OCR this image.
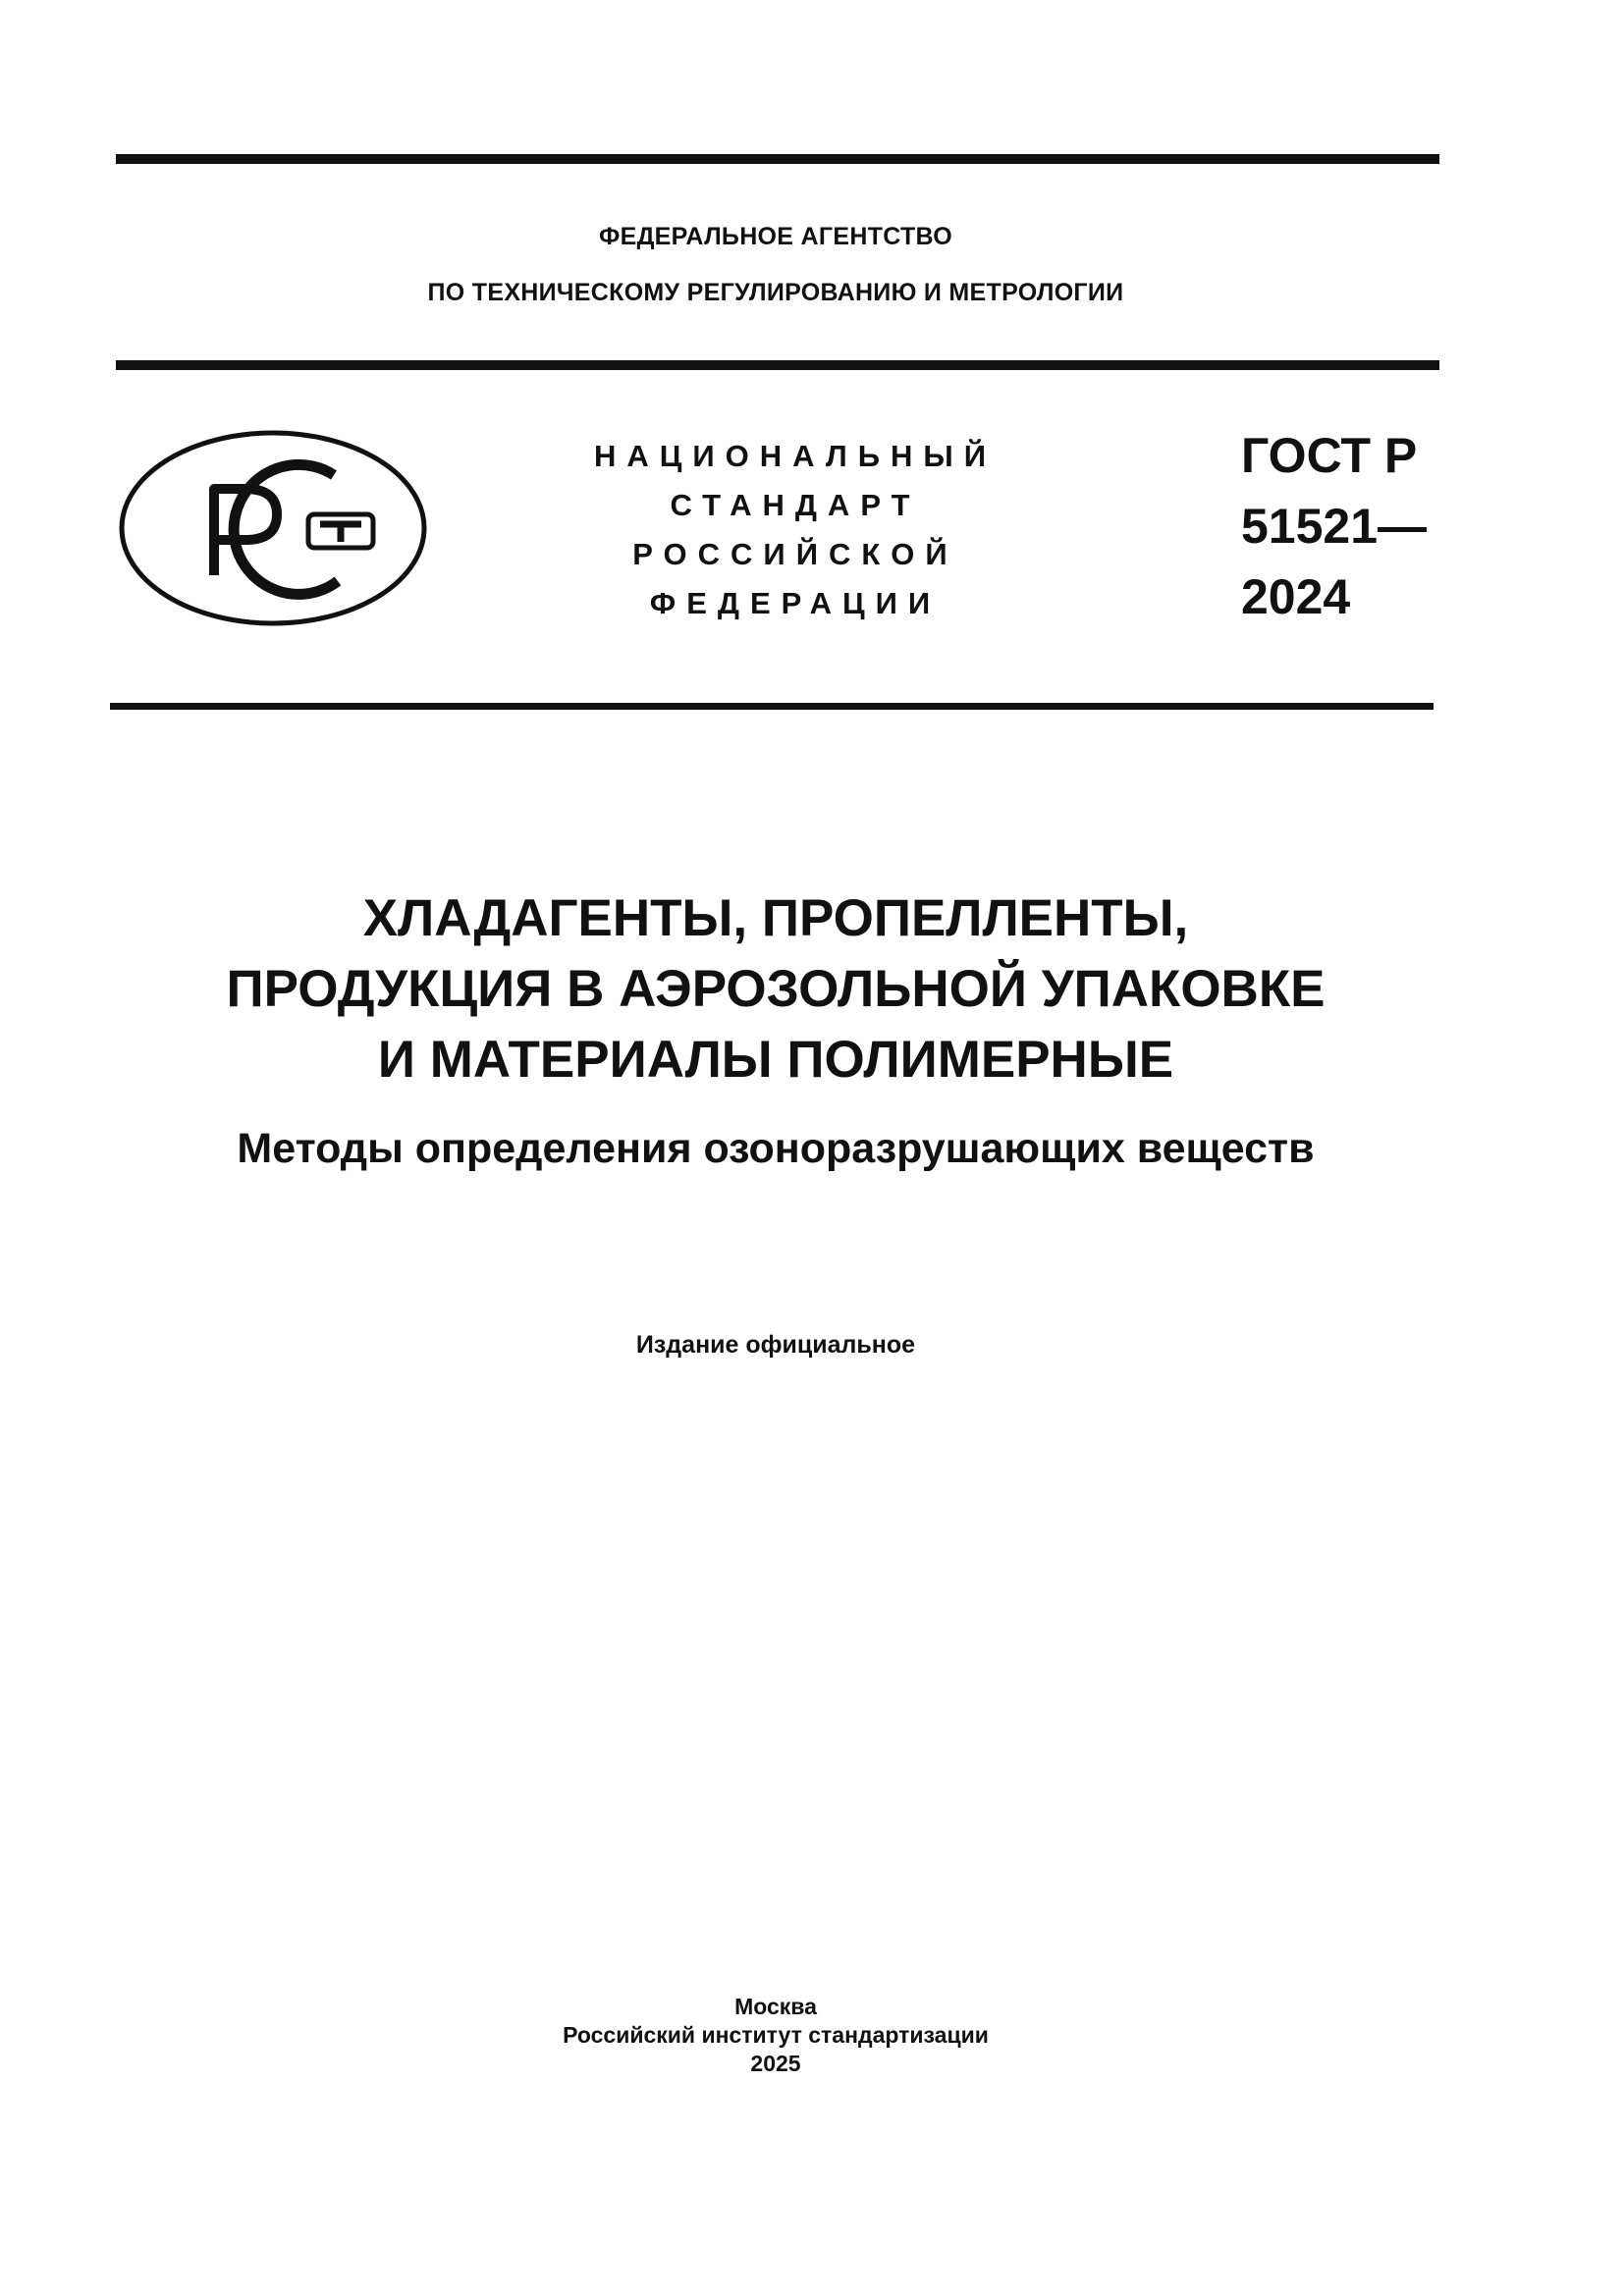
ФЕДЕРАЛЬНОЕ АГЕНТСТВО
ПО ТЕХНИЧЕСКОМУ РЕГУЛИРОВАНИЮ И МЕТРОЛОГИИ
НАЦИОНАЛЬНЫЙ
СТАНДАРТ
РОССИЙСКОЙ
ФЕДЕРАЦИИ
ГОСТ Р
51521—
2024
ХЛАДАГЕНТЫ, ПРОПЕЛЛЕНТЫ,
ПРОДУКЦИЯ В АЭРОЗОЛЬНОЙ УПАКОВКЕ
И МАТЕРИАЛЫ ПОЛИМЕРНЫЕ
Методы определения озоноразрушающих веществ
Издание официальное
Москва
Российский институт стандартизации
2025
